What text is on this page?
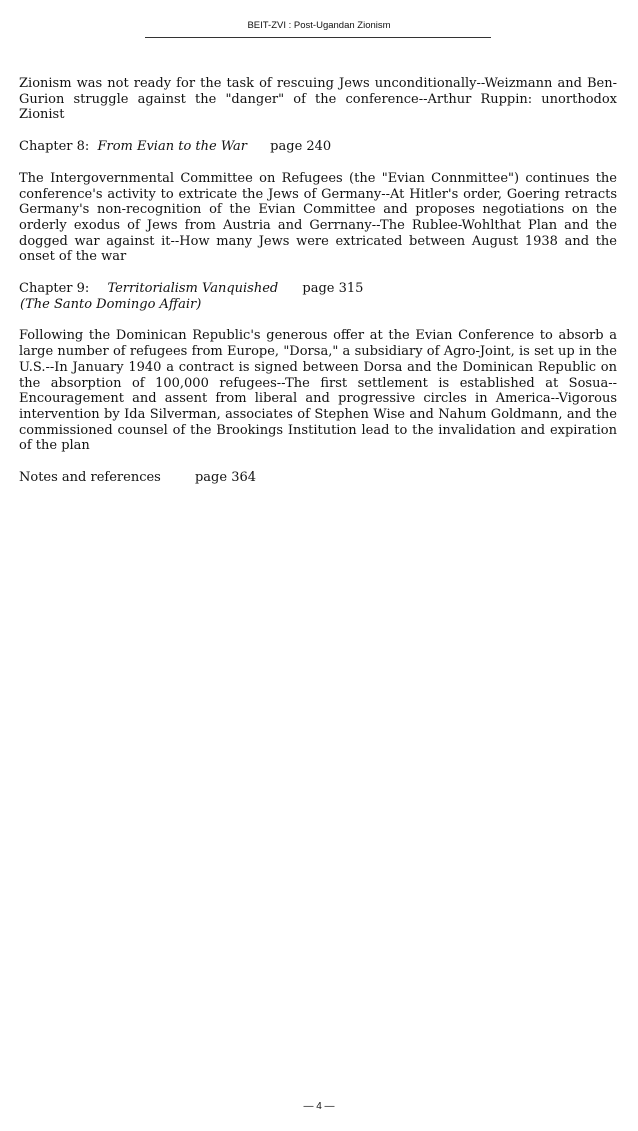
BEIT-ZVI : Post-Ugandan Zionism

Zionism was not ready for the task of rescuing Jews unconditionally--Weizmann and Ben-Gurion struggle against the "danger" of the conference--Arthur Ruppin: unorthodox Zionist

Chapter 8: From Evian to the War page 240

The Intergovernmental Committee on Refugees (the "Evian Connmittee") continues the conference's activity to extricate the Jews of Germany--At Hitler's order, Goering retracts Germany's non-recognition of the Evian Committee and proposes negotiations on the orderly exodus of Jews from Austria and Gerrnany--The Rublee-Wohlthat Plan and the dogged war against it--How many Jews were extricated between August 1938 and the onset of the war

Chapter 9: Territorialism Vanquished page 315

(The Santo Domingo Affair)

Following the Dominican Republic's generous offer at the Evian Conference to absorb a large number of refugees from Europe, "Dorsa," a subsidiary of Agro-Joint, is set up in the U.S.--In January 1940 a contract is signed between Dorsa and the Dominican Republic on the absorption of 100,000 refugees--The first settlement is established at Sosua--Encouragement and assent from liberal and progressive circles in America--Vigorous intervention by Ida Silverman, associates of Stephen Wise and Nahum Goldmann, and the commissioned counsel of the Brookings Institution lead to the invalidation and expiration of the plan

Notes and references	page 364

— 4 —
